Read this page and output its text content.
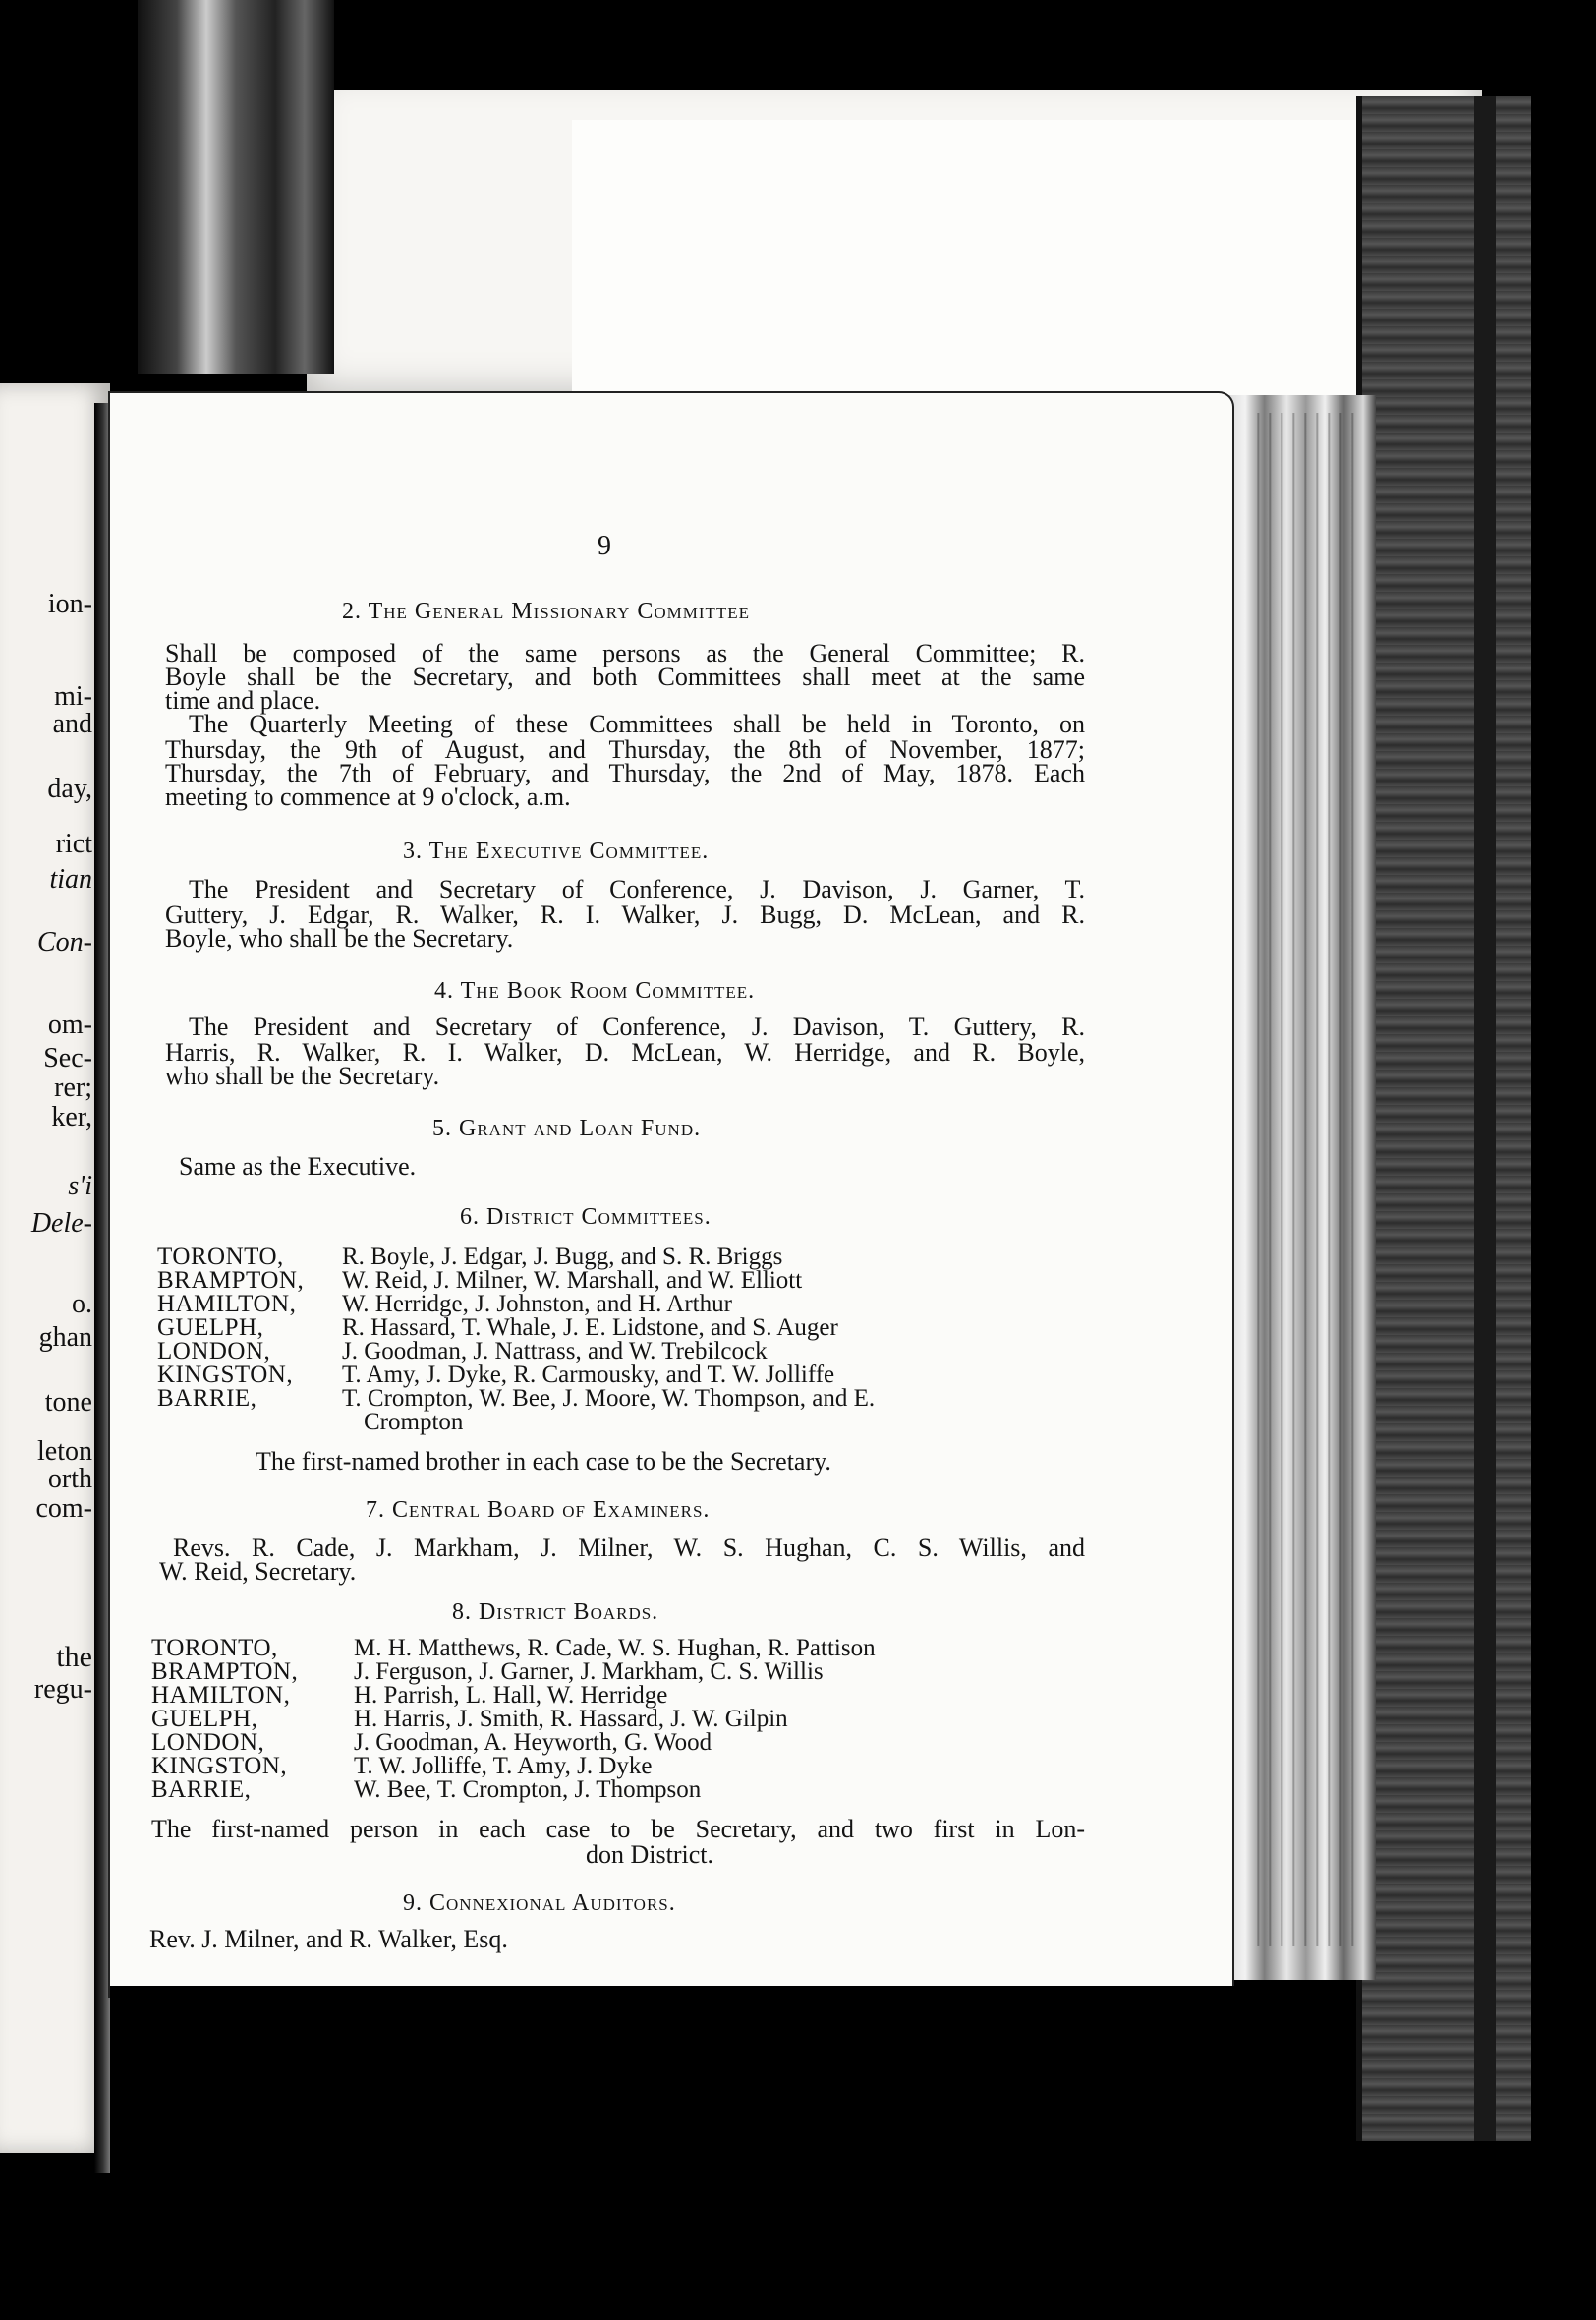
ion-
mi-
and
day,
rict
tian
Con-
om-
Sec-
rer;
ker,
s'i
Dele-
o.
ghan
tone
leton
orth
com-
the
regu-
9
2. The General Missionary Committee
Shall be composed of the same persons as the General Committee; R.
Boyle shall be the Secretary, and both Committees shall meet at the same
time and place.
The Quarterly Meeting of these Committees shall be held in Toronto, on
Thursday, the 9th of August, and Thursday, the 8th of November, 1877;
Thursday, the 7th of February, and Thursday, the 2nd of May, 1878. Each
meeting to commence at 9 o'clock, a.m.
3. The Executive Committee.
The President and Secretary of Conference, J. Davison, J. Garner, T.
Guttery, J. Edgar, R. Walker, R. I. Walker, J. Bugg, D. McLean, and R.
Boyle, who shall be the Secretary.
4. The Book Room Committee.
The President and Secretary of Conference, J. Davison, T. Guttery, R.
Harris, R. Walker, R. I. Walker, D. McLean, W. Herridge, and R. Boyle,
who shall be the Secretary.
5. Grant and Loan Fund.
Same as the Executive.
6. District Committees.
TORONTO, R. Boyle, J. Edgar, J. Bugg, and S. R. Briggs
BRAMPTON, W. Reid, J. Milner, W. Marshall, and W. Elliott
HAMILTON, W. Herridge, J. Johnston, and H. Arthur
GUELPH,	R. Hassard, T. Whale, J. E. Lidstone, and S. Auger
LONDON,	J. Goodman, J. Nattrass, and W. Trebilcock
KINGSTON, T. Amy, J. Dyke, R. Carmousky, and T. W. Jolliffe
BARRIE,	T. Crompton, W. Bee, J. Moore, W. Thompson, and E.
Crompton
The first-named brother in each case to be the Secretary.
7. Central Board of Examiners.
Revs. R. Cade, J. Markham, J. Milner, W. S. Hughan, C. S. Willis, and
W. Reid, Secretary.
8. District Boards.
TORONTO,	M. H. Matthews, R. Cade, W. S. Hughan, R. Pattison
BRAMPTON, J. Ferguson, J. Garner, J. Markham, C. S. Willis
HAMILTON,	H. Parrish, L. Hall, W. Herridge
GUELPH,	H. Harris, J. Smith, R. Hassard, J. W. Gilpin
LONDON,	J. Goodman, A. Heyworth, G. Wood
KINGSTON,	T. W. Jolliffe, T. Amy, J. Dyke
BARRIE,	W. Bee, T. Crompton, J. Thompson
The first-named person in each case to be Secretary, and two first in Lon-
don District.
9. Connexional Auditors.
Rev. J. Milner, and R. Walker, Esq.
